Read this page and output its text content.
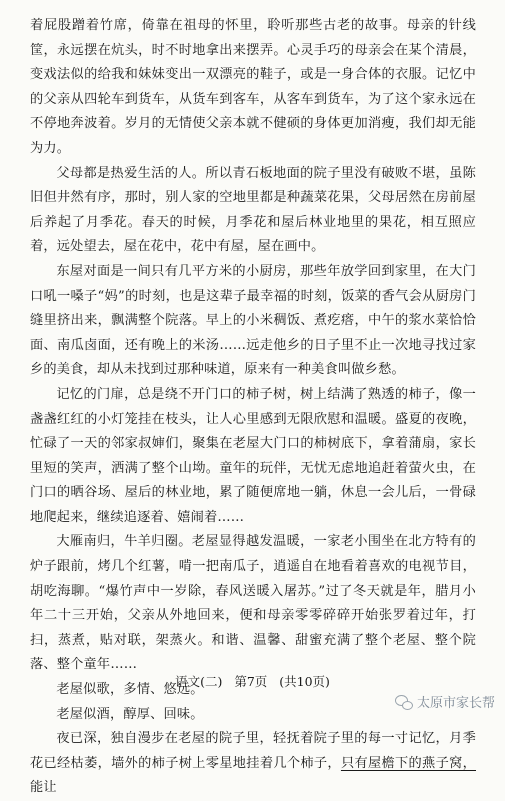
着屁股蹭着竹席，倚靠在祖母的怀里，聆听那些古老的故事。母亲的针线筐，永远摆在炕头，时不时地拿出来摆弄。心灵手巧的母亲会在某个清晨，变戏法似的给我和妹妹变出一双漂亮的鞋子，或是一身合体的衣服。记忆中的父亲从四轮车到货车，从货车到客车，从客车到货车，为了这个家永远在不停地奔波着。岁月的无情使父亲本就不健硕的身体更加消瘦，我们却无能为力。

父母都是热爱生活的人。所以青石板地面的院子里没有破败不堪，虽陈旧但井然有序，那时，别人家的空地里都是种蔬菜花果，父母居然在房前屋后养起了月季花。春天的时候，月季花和屋后林业地里的果花，相互照应着，远处望去，屋在花中，花中有屋，屋在画中。

东屋对面是一间只有几平方米的小厨房，那些年放学回到家里，在大门口吼一嗓子“妈”的时刻，也是这辈子最幸福的时刻，饭菜的香气会从厨房门缝里挤出来，飘满整个院落。早上的小米稠饭、煮疙瘩，中午的浆水菜恰恰面、南瓜卤面，还有晚上的米汤……远走他乡的日子里不止一次地寻找过家乡的美食，却从未找到过那种味道，原来有一种美食叫做乡愁。

记忆的门扉，总是绕不开门口的柿子树，树上结满了熟透的柿子，像一盏盏红红的小灯笼挂在枝头，让人心里感到无限欣慰和温暖。盛夏的夜晚，忙碌了一天的邻家叔婶们，聚集在老屋大门口的柿树底下，拿着蒲扇，家长里短的笑声，洒满了整个山坳。童年的玩伴，无忧无虑地追赶着萤火虫，在门口的晒谷场、屋后的林业地，累了随便席地一躺，休息一会儿后，一骨碌地爬起来，继续追逐着、嬉闹着……

大雁南归，牛羊归圈。老屋显得越发温暖，一家老小围坐在北方特有的炉子跟前，烤几个红薯，啃一把南瓜子，逍遥自在地看着喜欢的电视节目，胡吃海聊。“爆竹声中一岁除，春风送暖入屠苏。”过了冬天就是年，腊月小年二十三开始，父亲从外地回来，便和母亲零零碎碎开始张罗着过年，打扫，蒸煮，贴对联，架蒸火。和谐、温馨、甜蜜充满了整个老屋、整个院落、整个童年……

老屋似歌，多情、悠远。

老屋似酒，醇厚、回味。

夜已深，独自漫步在老屋的院子里，轻抚着院子里的每一寸记忆，月季花已经枯萎，墙外的柿子树上零星地挂着几个柿子，只有屋檐下的燕子窝，能让

语文(二) 第7页 (共10页)
太原市家长帮
